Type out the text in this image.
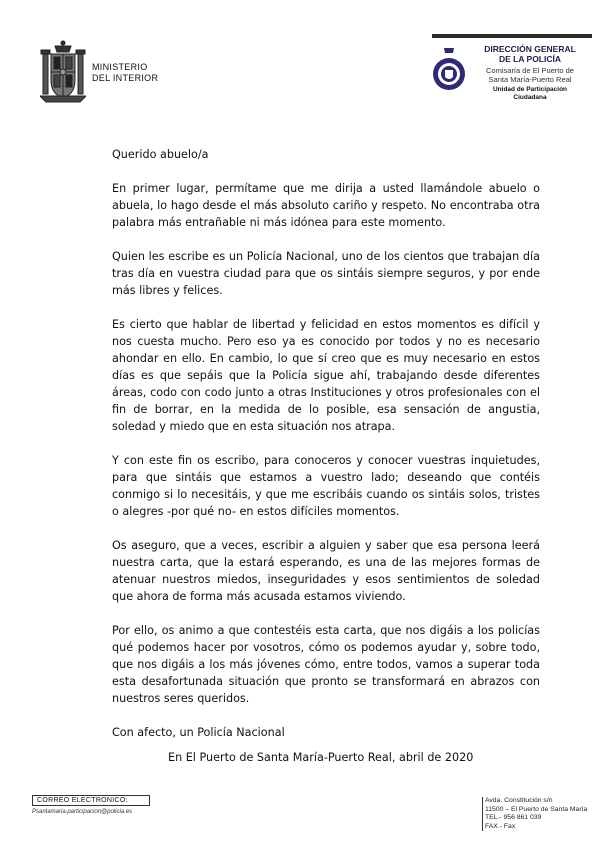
MINISTERIO
DEL INTERIOR
DIRECCIÓN GENERAL
DE LA POLICÍA
Comisaría de El Puerto de
Santa María-Puerto Real
Unidad de Participación
Ciudadana

Querido abuelo/a

En primer lugar, permítame que me dirija a usted llamándole abuelo o abuela, lo hago desde el más absoluto cariño y respeto. No encontraba otra palabra más entrañable ni más idónea para este momento.

Quien les escribe es un Policía Nacional, uno de los cientos que trabajan día tras día en vuestra ciudad para que os sintáis siempre seguros, y por ende más libres y felices.

Es cierto que hablar de libertad y felicidad en estos momentos es difícil y nos cuesta mucho. Pero eso ya es conocido por todos y no es necesario ahondar en ello. En cambio, lo que sí creo que es muy necesario en estos días es que sepáis que la Policía sigue ahí, trabajando desde diferentes áreas, codo con codo junto a otras Instituciones y otros profesionales con el fin de borrar, en la medida de lo posible, esa sensación de angustia, soledad y miedo que en esta situación nos atrapa.

Y con este fin os escribo, para conoceros y conocer vuestras inquietudes, para que sintáis que estamos a vuestro lado; deseando que contéis conmigo si lo necesitáis, y que me escribáis cuando os sintáis solos, tristes o alegres -por qué no- en estos difíciles momentos.

Os aseguro, que a veces, escribir a alguien y saber que esa persona leerá nuestra carta, que la estará esperando, es una de las mejores formas de atenuar nuestros miedos, inseguridades y esos sentimientos de soledad que ahora de forma más acusada estamos viviendo.

Por ello, os animo a que contestéis esta carta, que nos digáis a los policías qué podemos hacer por vosotros, cómo os podemos ayudar y, sobre todo, que nos digáis a los más jóvenes cómo, entre todos, vamos a superar toda esta desafortunada situación que pronto se transformará en abrazos con nuestros seres queridos.

Con afecto, un Policía Nacional

En El Puerto de Santa María-Puerto Real, abril de 2020
CORREO ELECTRÓNICO:
Psantamaria.participacion@policia.es
Avda. Constitución s/n
11500 – El Puerto de Santa María
TEL.- 956 861 039
FAX.- Fax
